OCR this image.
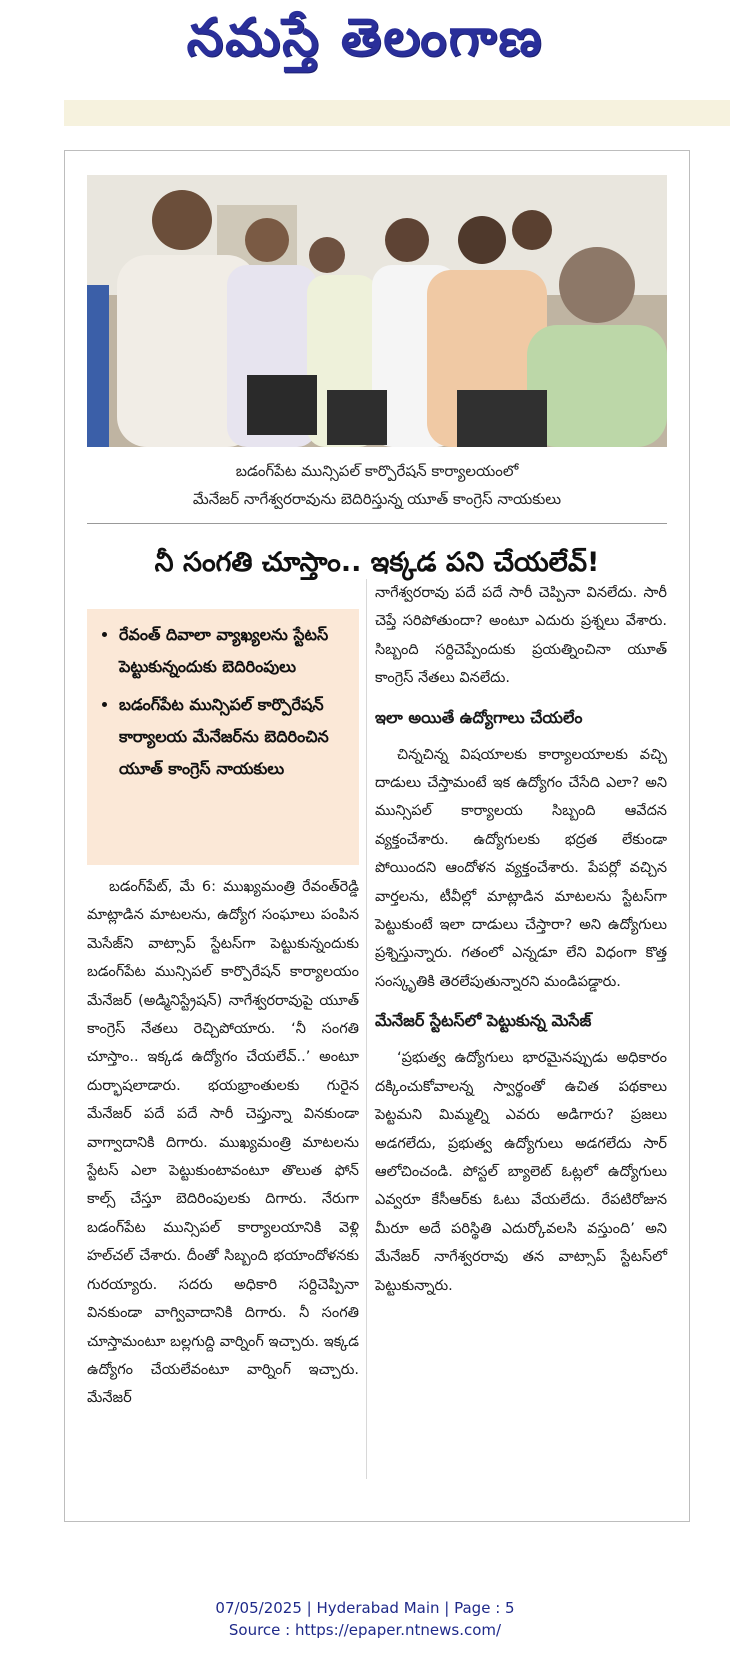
నమస్తే తెలంగాణ
బడంగ్‌పేట మున్సిపల్ కార్పొరేషన్ కార్యాలయంలో
మేనేజర్ నాగేశ్వరరావును బెదిరిస్తున్న యూత్ కాంగ్రెస్ నాయకులు
నీ సంగతి చూస్తాం.. ఇక్కడ పని చేయలేవ్!
• రేవంత్ దివాలా వ్యాఖ్యలను స్టేటస్ పెట్టుకున్నందుకు బెదిరింపులు
• బడంగ్‌పేట మున్సిపల్ కార్పొరేషన్ కార్యాలయ మేనేజర్‌ను బెదిరించిన యూత్ కాంగ్రెస్ నాయకులు

బడంగ్‌పేట్, మే 6: ముఖ్యమంత్రి రేవంత్‌రెడ్డి మాట్లాడిన మాటలను, ఉద్యోగ సంఘాలు పంపిన మెసేజ్‌ని వాట్సాప్ స్టేటస్‌గా పెట్టుకున్నందుకు బడంగ్‌పేట మున్సిపల్ కార్పొరేషన్ కార్యాలయం మేనేజర్ (అడ్మినిస్ట్రేషన్) నాగేశ్వరరావుపై యూత్ కాంగ్రెస్ నేతలు రెచ్చిపోయారు. ‘నీ సంగతి చూస్తాం.. ఇక్కడ ఉద్యోగం చేయలేవ్..’ అంటూ దుర్భాషలాడారు. భయభ్రాంతులకు గురైన మేనేజర్ పదే పదే సారీ చెప్తున్నా వినకుండా వాగ్వాదానికి దిగారు. ముఖ్యమంత్రి మాటలను స్టేటస్ ఎలా పెట్టుకుంటావంటూ తొలుత ఫోన్ కాల్స్ చేస్తూ బెదిరింపులకు దిగారు. నేరుగా బడంగ్‌పేట మున్సిపల్ కార్యాలయానికి వెళ్లి హల్‌చల్ చేశారు. దీంతో సిబ్బంది భయాందోళనకు గురయ్యారు. సదరు అధికారి సర్దిచెప్పినా వినకుండా వాగ్వివాదానికి దిగారు. నీ సంగతి చూస్తామంటూ బల్లగుద్ది వార్నింగ్ ఇచ్చారు. ఇక్కడ ఉద్యోగం చేయలేవంటూ వార్నింగ్ ఇచ్చారు. మేనేజర్

నాగేశ్వరరావు పదే పదే సారీ చెప్పినా వినలేదు. సారీ చెప్తే సరిపోతుందా? అంటూ ఎదురు ప్రశ్నలు వేశారు. సిబ్బంది సర్దిచెప్పేందుకు ప్రయత్నించినా యూత్ కాంగ్రెస్ నేతలు వినలేదు.

ఇలా అయితే ఉద్యోగాలు చేయలేం

చిన్నచిన్న విషయాలకు కార్యాలయాలకు వచ్చి దాడులు చేస్తామంటే ఇక ఉద్యోగం చేసేది ఎలా? అని మున్సిపల్ కార్యాలయ సిబ్బంది ఆవేదన వ్యక్తంచేశారు. ఉద్యోగులకు భద్రత లేకుండా పోయిందని ఆందోళన వ్యక్తంచేశారు. పేపర్లో వచ్చిన వార్తలను, టీవీల్లో మాట్లాడిన మాటలను స్టేటస్‌గా పెట్టుకుంటే ఇలా దాడులు చేస్తారా? అని ఉద్యోగులు ప్రశ్నిస్తున్నారు. గతంలో ఎన్నడూ లేని విధంగా కొత్త సంస్కృతికి తెరలేపుతున్నారని మండిపడ్డారు.

మేనేజర్ స్టేటస్‌లో పెట్టుకున్న మెసేజ్

‘ప్రభుత్వ ఉద్యోగులు భారమైనప్పుడు అధికారం దక్కించుకోవాలన్న స్వార్థంతో ఉచిత పథకాలు పెట్టమని మిమ్మల్ని ఎవరు అడిగారు? ప్రజలు అడగలేదు, ప్రభుత్వ ఉద్యోగులు అడగలేదు సార్ ఆలోచించండి. పోస్టల్ బ్యాలెట్ ఓట్లలో ఉద్యోగులు ఎవ్వరూ కేసీఆర్‌కు ఓటు వేయలేదు. రేపటిరోజున మీరూ అదే పరిస్థితి ఎదుర్కోవలసి వస్తుంది’ అని మేనేజర్ నాగేశ్వరరావు తన వాట్సాప్ స్టేటస్‌లో పెట్టుకున్నారు.

07/05/2025 | Hyderabad Main | Page : 5
Source : https://epaper.ntnews.com/
